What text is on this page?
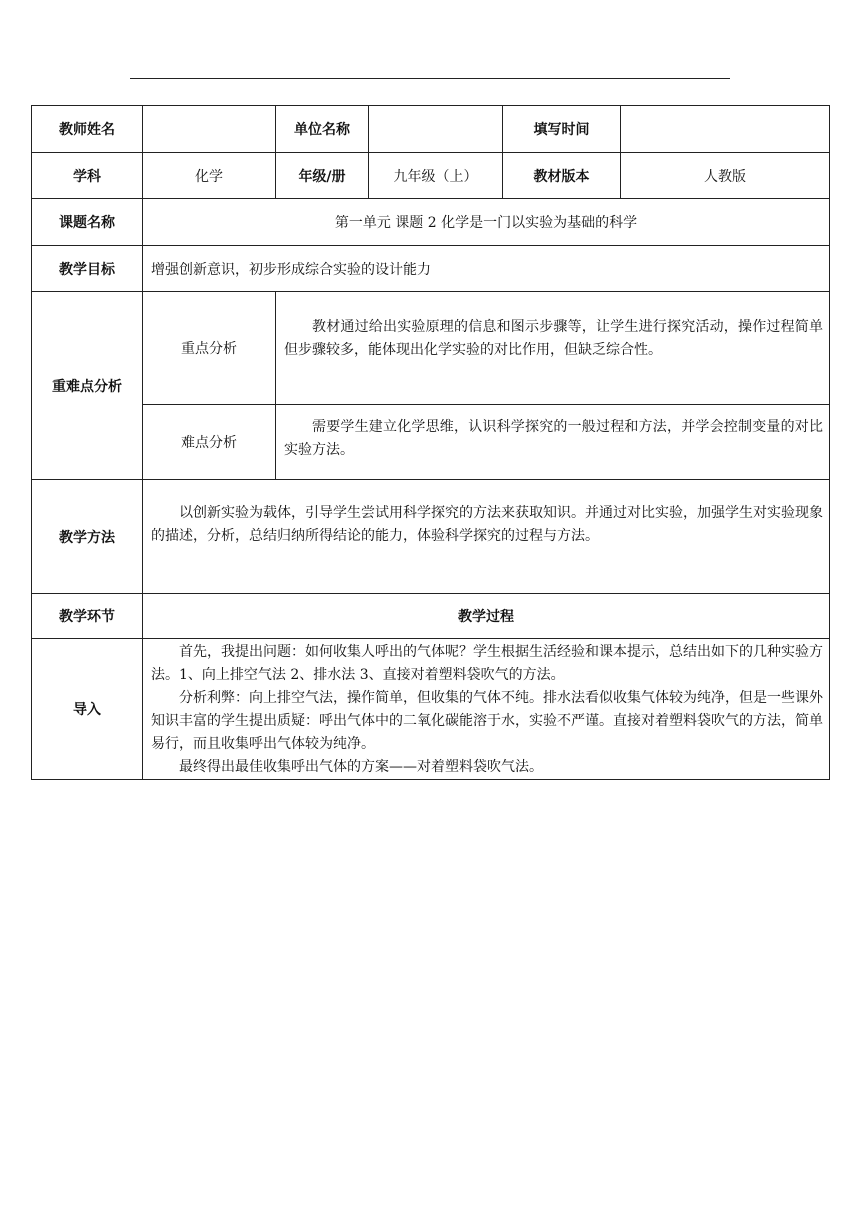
教师姓名		单位名称		填写时间	
学科	化学	年级/册	九年级（上）	教材版本	人教版
课题名称	第一单元 课题 2 化学是一门以实验为基础的科学				
教学目标	增强创新意识，初步形成综合实验的设计能力				
重难点分析	重点分析	教材通过给出实验原理的信息和图示步骤等，让学生进行探究活动，操作过程简单但步骤较多，能体现出化学实验的对比作用，但缺乏综合性。			

	难点分析	需要学生建立化学思维，认识科学探究的一般过程和方法，并学会控制变量的对比实验方法。			

教学方法	以创新实验为载体，引导学生尝试用科学探究的方法来获取知识。并通过对比实验，加强学生对实验现象的描述，分析，总结归纳所得结论的能力，体验科学探究的过程与方法。				

教学环节	教学过程				
导入	首先，我提出问题：如何收集人呼出的气体呢？学生根据生活经验和课本提示，总结出如下的几种实验方法。1、向上排空气法 2、排水法 3、直接对着塑料袋吹气的方法。

分析利弊：向上排空气法，操作简单，但收集的气体不纯。排水法看似收集气体较为纯净，但是一些课外知识丰富的学生提出质疑：呼出气体中的二氧化碳能溶于水，实验不严谨。直接对着塑料袋吹气的方法，简单易行，而且收集呼出气体较为纯净。

最终得出最佳收集呼出气体的方案——对着塑料袋吹气法。				
